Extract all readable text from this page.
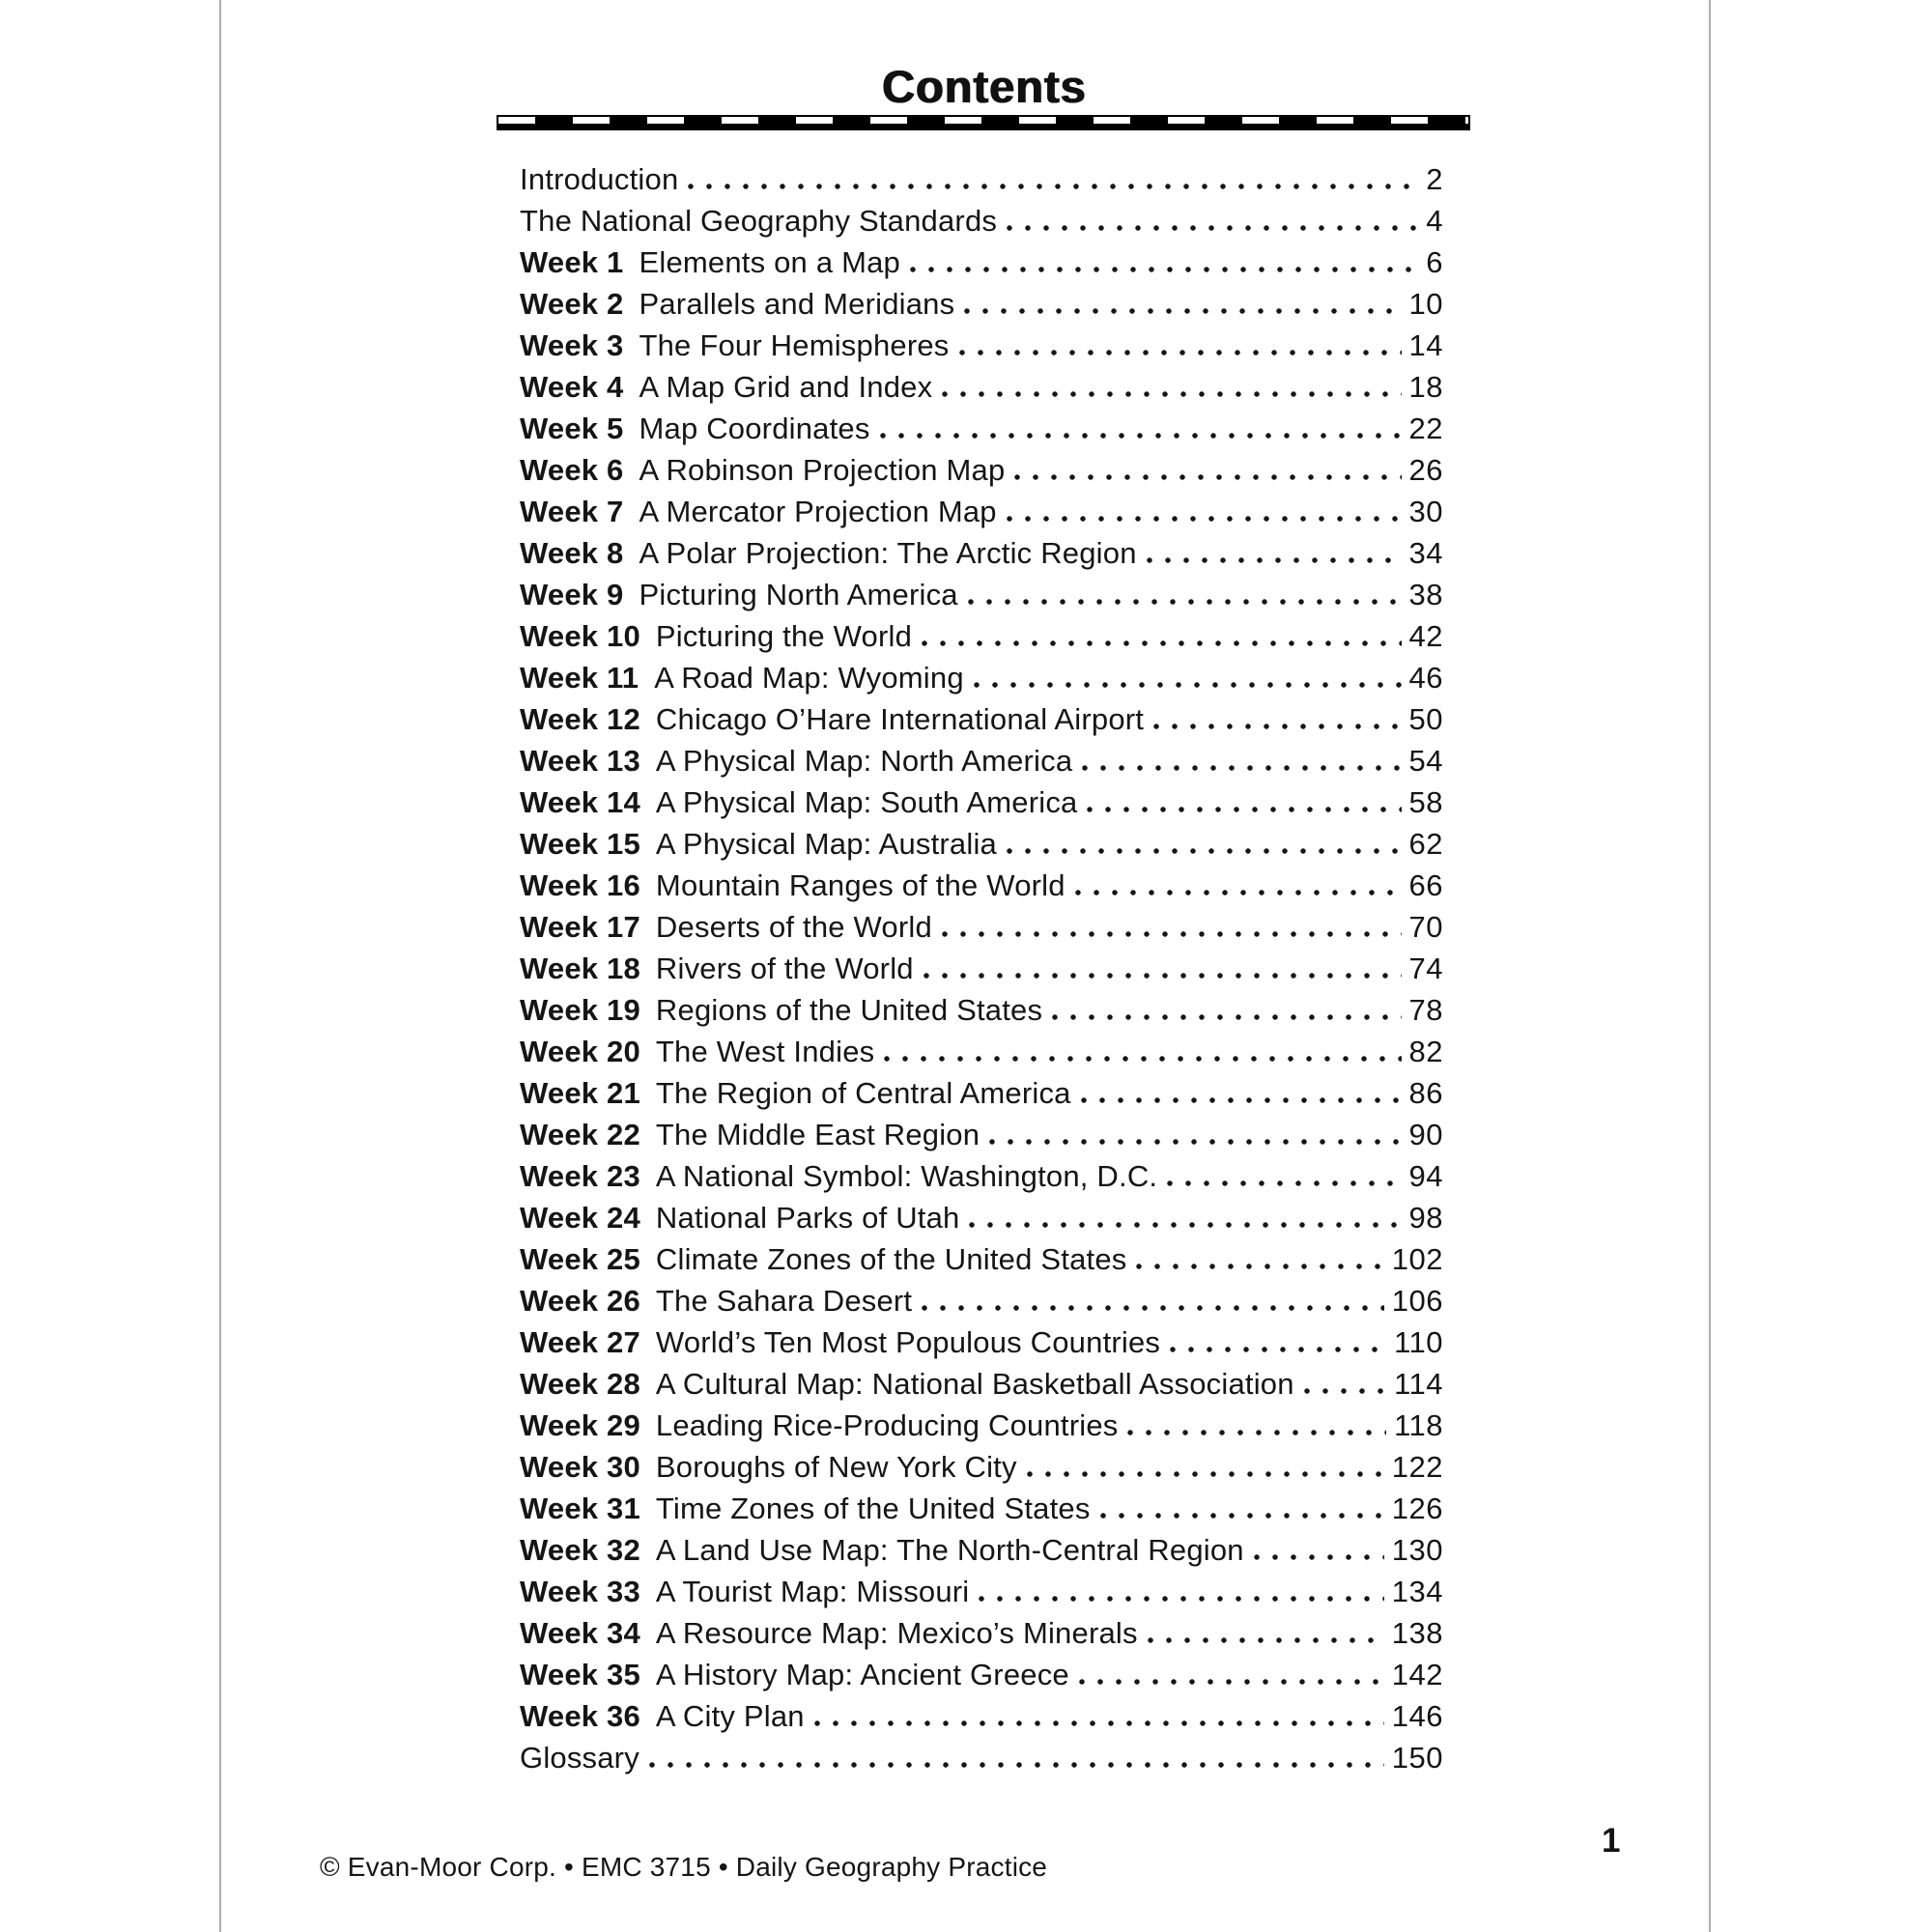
Contents
Introduction	2
The National Geography Standards	4
Week 1 Elements on a Map	6
Week 2 Parallels and Meridians	10
Week 3 The Four Hemispheres	14
Week 4 A Map Grid and Index	18
Week 5 Map Coordinates	22
Week 6 A Robinson Projection Map	26
Week 7 A Mercator Projection Map	30
Week 8 A Polar Projection: The Arctic Region	34
Week 9 Picturing North America	38
Week 10 Picturing the World	42
Week 11 A Road Map: Wyoming	46
Week 12 Chicago O’Hare International Airport	50
Week 13 A Physical Map: North America	54
Week 14 A Physical Map: South America	58
Week 15 A Physical Map: Australia	62
Week 16 Mountain Ranges of the World	66
Week 17 Deserts of the World	70
Week 18 Rivers of the World	74
Week 19 Regions of the United States	78
Week 20 The West Indies	82
Week 21 The Region of Central America	86
Week 22 The Middle East Region	90
Week 23 A National Symbol: Washington, D.C.	94
Week 24 National Parks of Utah	98
Week 25 Climate Zones of the United States	102
Week 26 The Sahara Desert	106
Week 27 World’s Ten Most Populous Countries	110
Week 28 A Cultural Map: National Basketball Association	114
Week 29 Leading Rice-Producing Countries	118
Week 30 Boroughs of New York City	122
Week 31 Time Zones of the United States	126
Week 32 A Land Use Map: The North-Central Region	130
Week 33 A Tourist Map: Missouri	134
Week 34 A Resource Map: Mexico’s Minerals	138
Week 35 A History Map: Ancient Greece	142
Week 36 A City Plan	146
Glossary	150
© Evan-Moor Corp. • EMC 3715 • Daily Geography Practice
1
